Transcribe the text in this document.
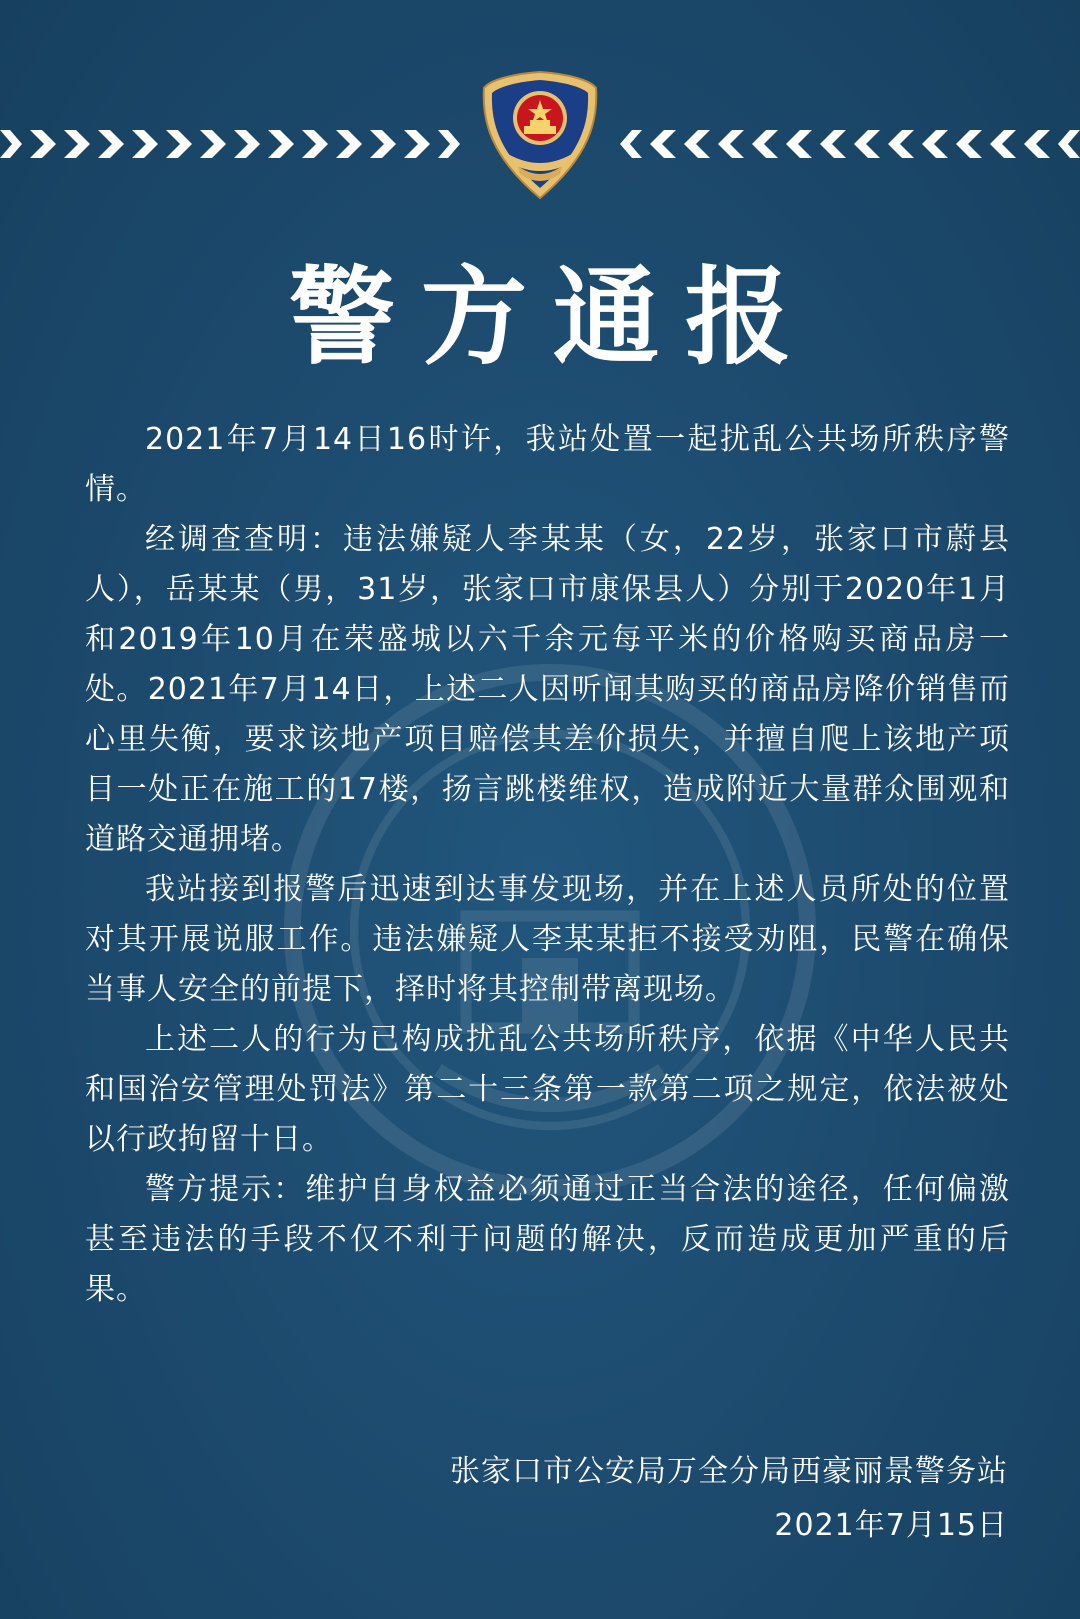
警方通报

2021年7月14日16时许，我站处置一起扰乱公共场所秩序警情。

经调查查明：违法嫌疑人李某某（女，22岁，张家口市蔚县人），岳某某（男，31岁，张家口市康保县人）分别于2020年1月和2019年10月在荣盛城以六千余元每平米的价格购买商品房一处。2021年7月14日，上述二人因听闻其购买的商品房降价销售而心里失衡，要求该地产项目赔偿其差价损失，并擅自爬上该地产项目一处正在施工的17楼，扬言跳楼维权，造成附近大量群众围观和道路交通拥堵。

我站接到报警后迅速到达事发现场，并在上述人员所处的位置对其开展说服工作。违法嫌疑人李某某拒不接受劝阻，民警在确保当事人安全的前提下，择时将其控制带离现场。

上述二人的行为已构成扰乱公共场所秩序，依据《中华人民共和国治安管理处罚法》第二十三条第一款第二项之规定，依法被处以行政拘留十日。

警方提示：维护自身权益必须通过正当合法的途径，任何偏激甚至违法的手段不仅不利于问题的解决，反而造成更加严重的后果。

张家口市公安局万全分局西豪丽景警务站
2021年7月15日
